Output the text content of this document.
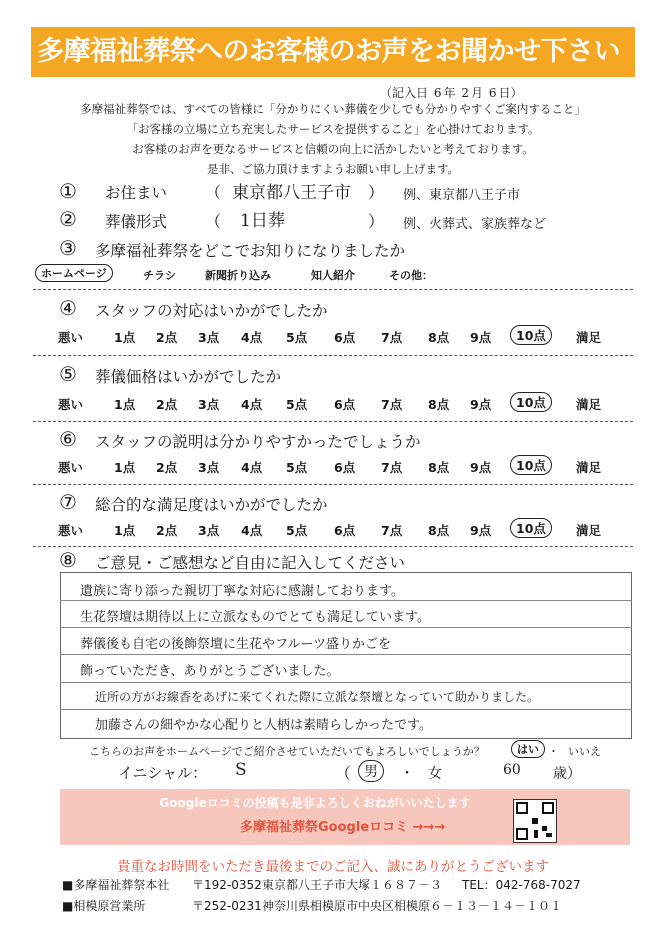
多摩福祉葬祭へのお客様のお声をお聞かせ下さい
（記入日 6 年 2 月 6 日）
多摩福祉葬祭では、すべての皆様に「分かりにくい葬儀を少しでも分かりやすくご案内すること」
「お客様の立場に立ち充実したサービスを提供すること」を心掛けております。
お客様のお声を更なるサービスと信頼の向上に活かしたいと考えております。
是非、ご協力頂けますようお願い申し上げます。
① お住まい （ 東京都八王子市 ） 例、東京都八王子市
② 葬儀形式 （ 1日葬	） 例、火葬式、家族葬など
③ 多摩福祉葬祭をどこでお知りになりましたか
ホームページ	チラシ	新聞折り込み	知人紹介	その他：
④ スタッフの対応はいかがでしたか
悪い 1点 2点 3点 4点 5点 6点 7点 8点 9点	10点	満足
⑤ 葬儀価格はいかがでしたか
悪い 1点 2点 3点 4点 5点 6点 7点 8点 9点	10点	満足
⑥ スタッフの説明は分かりやすかったでしょうか
悪い 1点 2点 3点 4点 5点 6点 7点 8点 9点	10点	満足
⑦ 総合的な満足度はいかがでしたか
悪い 1点 2点 3点 4点 5点 6点 7点 8点 9点	10点	満足
⑧ ご意見・ご感想など自由に記入してください
遺族に寄り添った親切丁寧な対応に感謝しております。
生花祭壇は期待以上に立派なものでとても満足しています。
葬儀後も自宅の後飾祭壇に生花やフルーツ盛りかごを
飾っていただき、ありがとうございました。
近所の方がお線香をあげに来てくれた際に立派な祭壇となっていて助かりました。
加藤さんの細やかな心配りと人柄は素晴らしかったです。
こちらのお声をホームページでご紹介させていただいてもよろしいでしょうか？	はい ・ いいえ
イニシャル： S	（ 男	・ 女	60 歳）
Googleロコミの投稿も是非よろしくおねがいいたします
多摩福祉葬祭Googleロコミ →→→
貴重なお時間をいただき最後までのご記入、誠にありがとうございます
■多摩福祉葬祭本社 〒192-0352 東京都八王子市大塚１６８７－３ TEL：042-768-7027
■相模原営業所	〒252-0231 神奈川県相模原市中央区相模原６－１３－１４－１０１
